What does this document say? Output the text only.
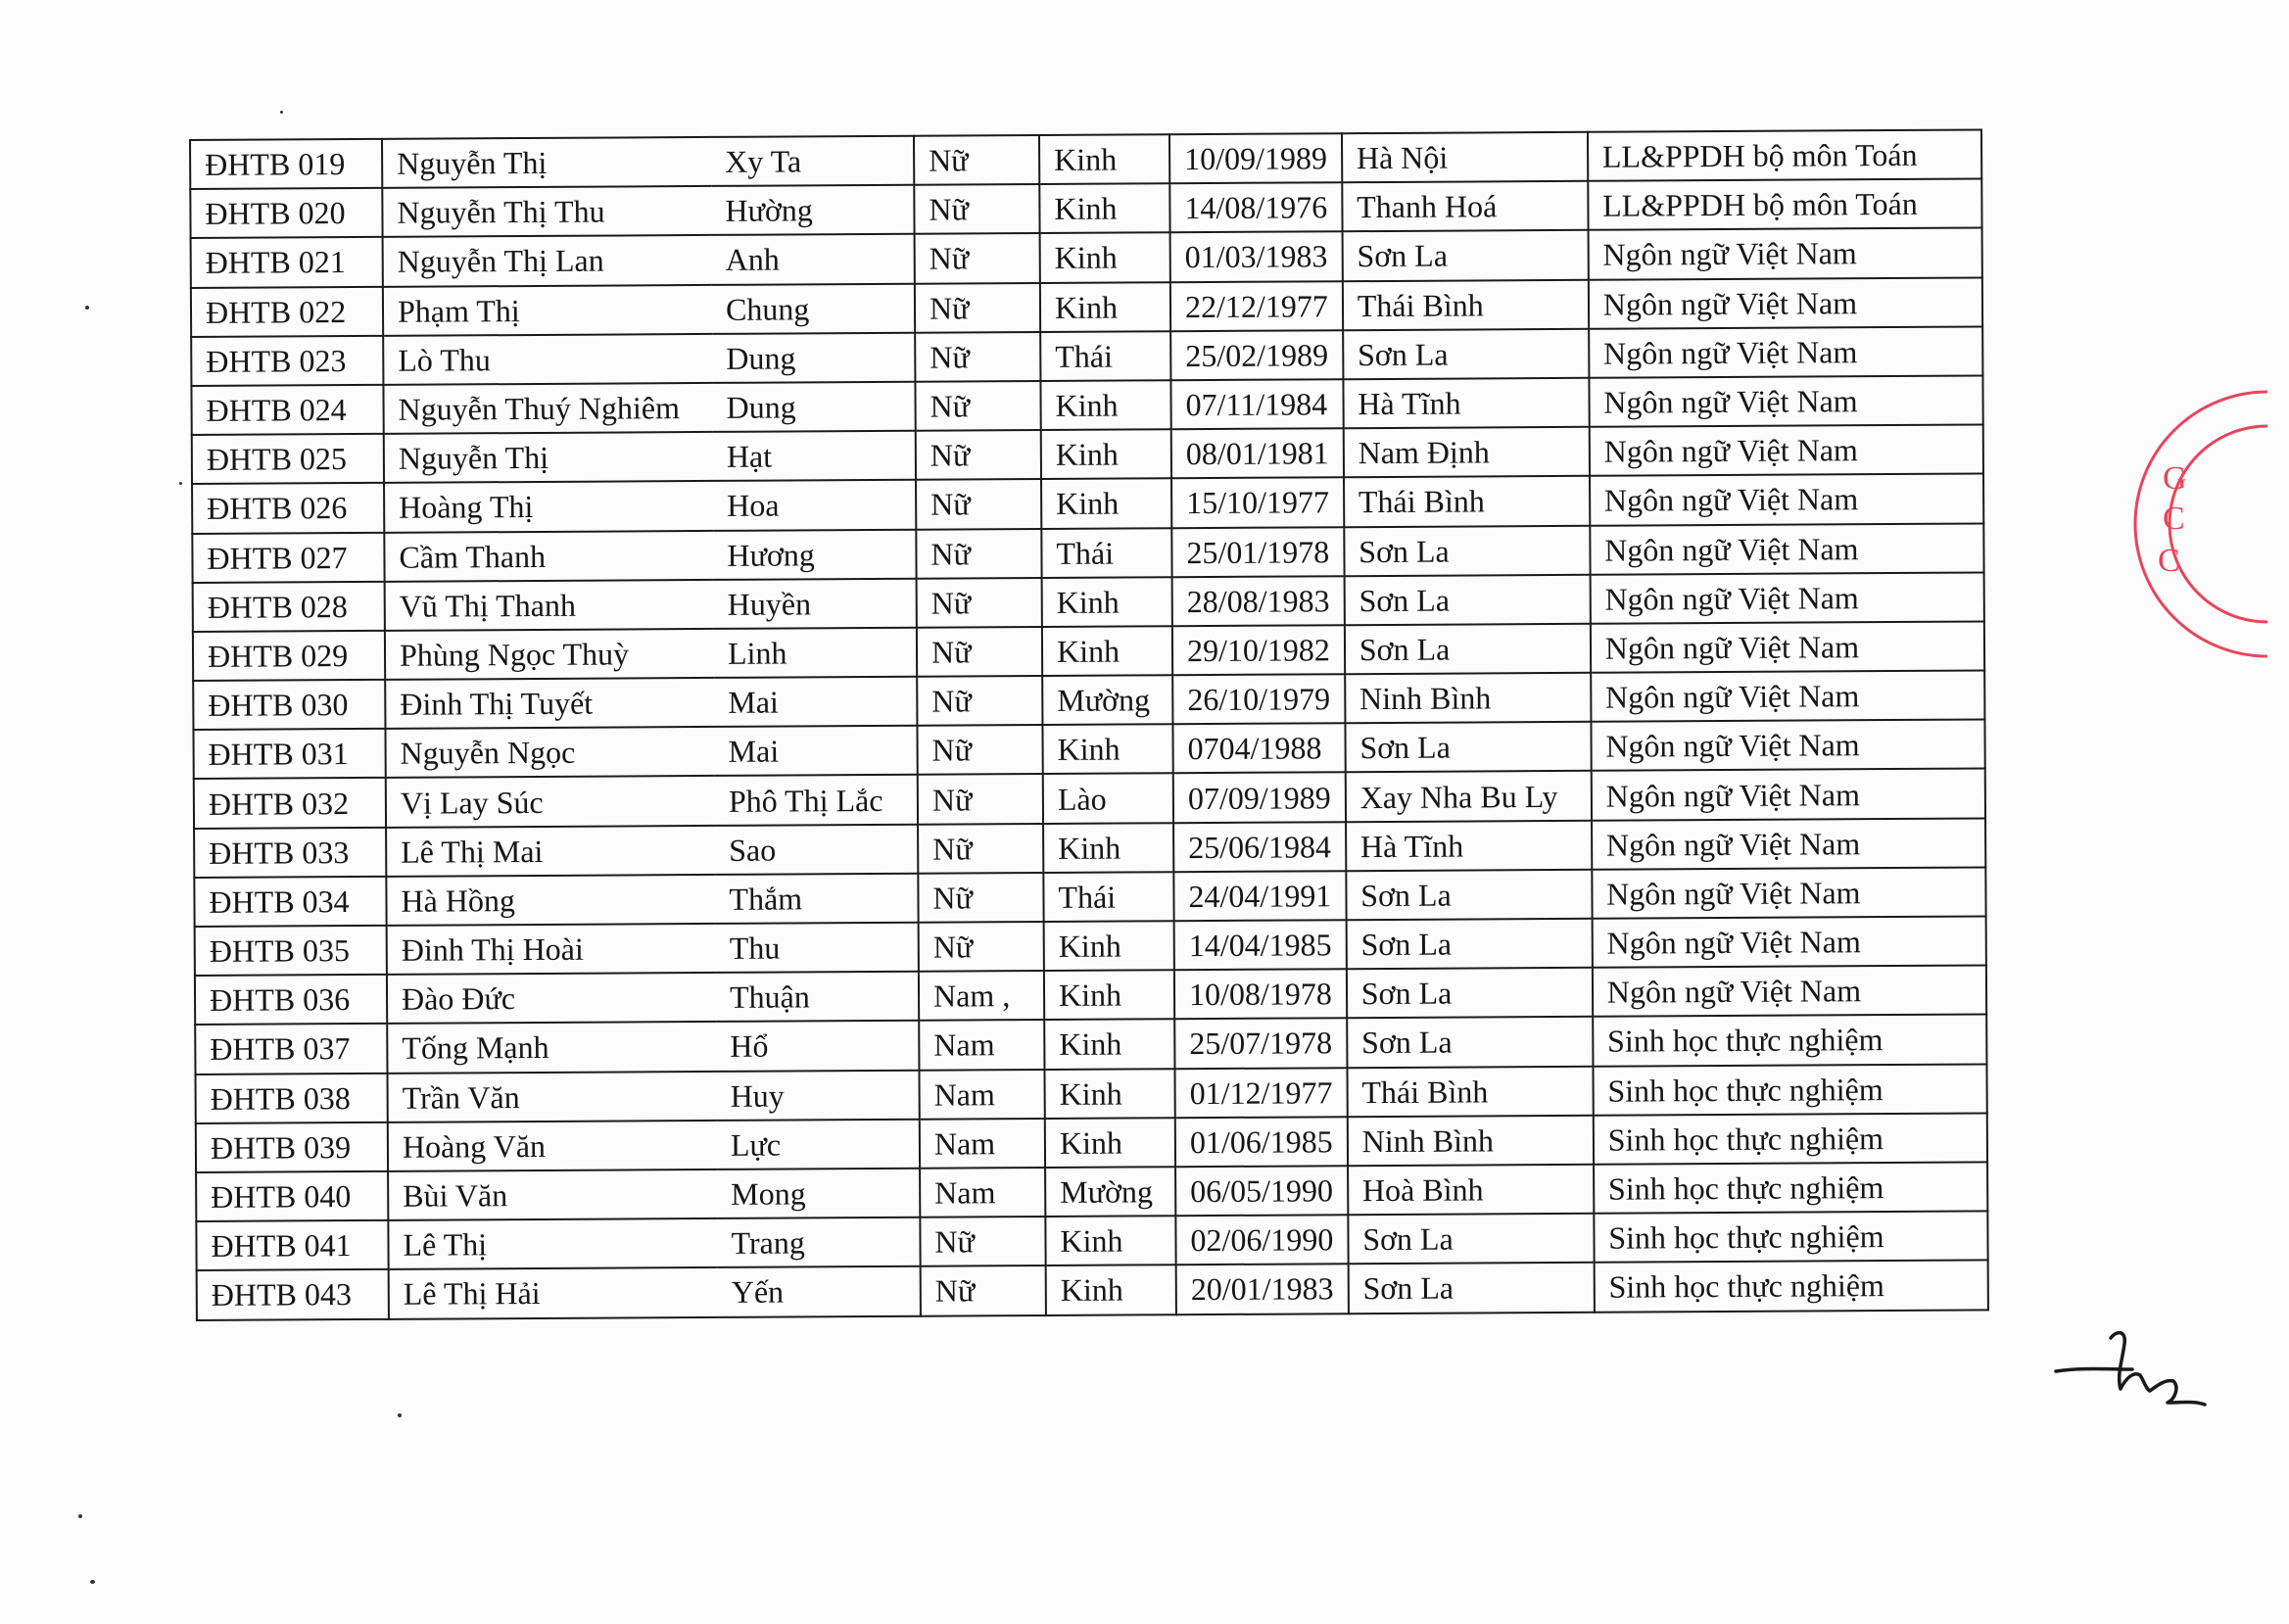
ĐHTB 019	Nguyễn Thị	Xy Ta	Nữ	Kinh	10/09/1989	Hà Nội	LL&PPDH bộ môn Toán
ĐHTB 020	Nguyễn Thị Thu	Hường	Nữ	Kinh	14/08/1976	Thanh Hoá	LL&PPDH bộ môn Toán
ĐHTB 021	Nguyễn Thị Lan	Anh	Nữ	Kinh	01/03/1983	Sơn La	Ngôn ngữ Việt Nam
ĐHTB 022	Phạm Thị	Chung	Nữ	Kinh	22/12/1977	Thái Bình	Ngôn ngữ Việt Nam
ĐHTB 023	Lò Thu	Dung	Nữ	Thái	25/02/1989	Sơn La	Ngôn ngữ Việt Nam
ĐHTB 024	Nguyễn Thuý Nghiêm	Dung	Nữ	Kinh	07/11/1984	Hà Tĩnh	Ngôn ngữ Việt Nam
ĐHTB 025	Nguyễn Thị	Hạt	Nữ	Kinh	08/01/1981	Nam Định	Ngôn ngữ Việt Nam
ĐHTB 026	Hoàng Thị	Hoa	Nữ	Kinh	15/10/1977	Thái Bình	Ngôn ngữ Việt Nam
ĐHTB 027	Cầm Thanh	Hương	Nữ	Thái	25/01/1978	Sơn La	Ngôn ngữ Việt Nam
ĐHTB 028	Vũ Thị Thanh	Huyền	Nữ	Kinh	28/08/1983	Sơn La	Ngôn ngữ Việt Nam
ĐHTB 029	Phùng Ngọc Thuỳ	Linh	Nữ	Kinh	29/10/1982	Sơn La	Ngôn ngữ Việt Nam
ĐHTB 030	Đinh Thị Tuyết	Mai	Nữ	Mường	26/10/1979	Ninh Bình	Ngôn ngữ Việt Nam
ĐHTB 031	Nguyễn Ngọc	Mai	Nữ	Kinh	0704/1988	Sơn La	Ngôn ngữ Việt Nam
ĐHTB 032	Vị Lay Súc	Phô Thị Lắc	Nữ	Lào	07/09/1989	Xay Nha Bu Ly	Ngôn ngữ Việt Nam
ĐHTB 033	Lê Thị Mai	Sao	Nữ	Kinh	25/06/1984	Hà Tĩnh	Ngôn ngữ Việt Nam
ĐHTB 034	Hà Hồng	Thắm	Nữ	Thái	24/04/1991	Sơn La	Ngôn ngữ Việt Nam
ĐHTB 035	Đinh Thị Hoài	Thu	Nữ	Kinh	14/04/1985	Sơn La	Ngôn ngữ Việt Nam
ĐHTB 036	Đào Đức	Thuận	Nam ,	Kinh	10/08/1978	Sơn La	Ngôn ngữ Việt Nam
ĐHTB 037	Tống Mạnh	Hổ	Nam	Kinh	25/07/1978	Sơn La	Sinh học thực nghiệm
ĐHTB 038	Trần Văn	Huy	Nam	Kinh	01/12/1977	Thái Bình	Sinh học thực nghiệm
ĐHTB 039	Hoàng Văn	Lực	Nam	Kinh	01/06/1985	Ninh Bình	Sinh học thực nghiệm
ĐHTB 040	Bùi Văn	Mong	Nam	Mường	06/05/1990	Hoà Bình	Sinh học thực nghiệm
ĐHTB 041	Lê Thị	Trang	Nữ	Kinh	02/06/1990	Sơn La	Sinh học thực nghiệm
ĐHTB 043	Lê Thị Hải	Yến	Nữ	Kinh	20/01/1983	Sơn La	Sinh học thực nghiệm
G
C
C
